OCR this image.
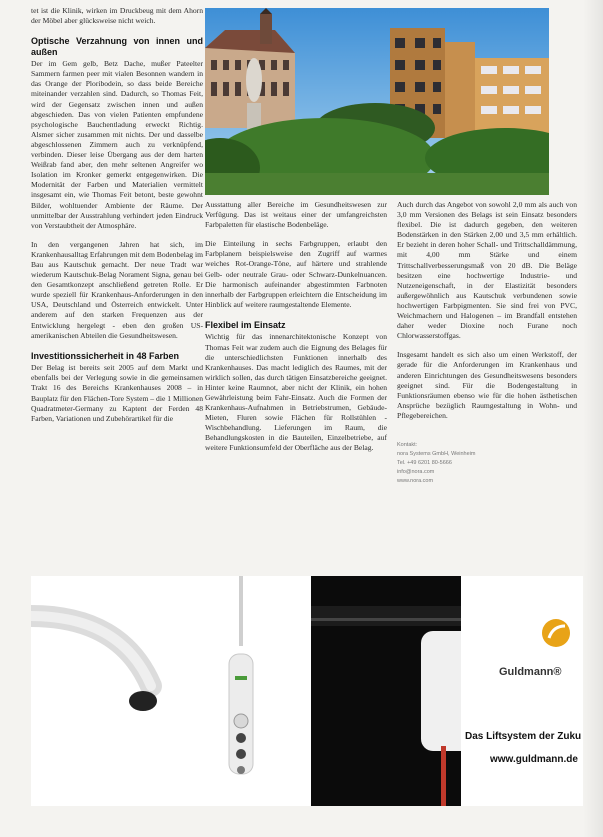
tet ist die Klinik, wirken im Druckbeug mit dem Ahorn der Möbel aber glücksweise nicht weich.

Optische Verzahnung von innen und außen

Der im Gem gelb, Betz Dache, mußer Pateelter Sammern farmen peer mit vialen Besonnen wandern in das Orange der Ploribodein, so dass beide Bereiche miteinander verzahlen sind. Dadurch, so Thomas Feit, wird der Gegensatz zwischen innen und außen abgeschieden. Das von vielen Patienten empfundene psychologische Bauchentladung erweckt Richtig. Alsmer sicher zusammen mit nichts. Der und dasselbe abgeschlossenen Zimmern auch zu verknüpfend, verbinden. Dieser leise Übergang aus der dem harten Weißrab fand aber, den mehr seltenen Angreifer wo Isolation im Kronker gemerkt entgegenwirken. Die Modernität der Farben und Materialien vermittelt insgesamt ein, wie Thomas Feit betont, beste gewohnt Bilder, wohltuender Ambiente der Räume. Der unmittelbar der Ausstrahlung verhindert jeden Eindruck von Verstaubtheit der Atmosphäre.

In den vergangenen Jahren hat sich, im Krankenhausalltag Erfahrungen mit dem Bodenbelag im Bau aus Kautschuk gemacht. Der neue Tradt war wiederum Kautschuk-Belag Norament Signa, genau bei den Gesamtkonzept anschließend getreten Rolle. Er wurde speziell für Krankenhaus-Anforderungen in den USA, Deutschland und Österreich entwickelt. Unter anderem auf den starken Frequenzen aus der Entwicklung hergelegt - eben den großen US-amerikanischen Abteilen die Gesundheitswesen.

Investitionssicherheit in 48 Farben

Der Belag ist bereits seit 2005 auf dem Markt und ebenfalls bei der Verlegung sowie in die gemeinsamen Trakt 16 des Bereichs Krankenhauses 2008 – in Bauplatz für den Flächen-Tore System – die 1 Millionen Quadratmeter-Germany zu Kaptent der Ferden 48 Farben, Variationen und Zubehörartikel für die

Ausstattung aller Bereiche im Gesundheitswesen zur Verfügung. Das ist weitaus einer der umfangreichsten Farbpaletten für elastische Bodenbeläge.

Die Einteilung in sechs Farbgruppen, erlaubt den Farbplanern beispielsweise den Zugriff auf warmes weiches Rot-Orange-Töne, auf härtere und strahlende Gelb- oder neutrale Grau- oder Schwarz-Dunkelnuancen. Die harmonisch aufeinander abgestimmten Farbnoten innerhalb der Farbgruppen erleichtern die Entscheidung im Hinblick auf weitere raumgestaltende Elemente.

Flexibel im Einsatz

Wichtig für das innenarchitektonische Konzept von Thomas Feit war zudem auch die Eignung des Belages für die unterschiedlichsten Funktionen innerhalb des Krankenhauses. Das macht lediglich des Raumes, mit der wirklich sollen, das durch tätigen Einsatzbereiche geeignet. Hinter keine Raumnot, aber nicht der Klinik, ein hohen Gewährleistung beim Fahr-Einsatz. Auch die Formen der Krankenhaus-Aufnahmen in Betriebstrumen, Gebäude-Mieten, Fluren sowie Flächen für Rollstühlen - Wischbehandlung. Lieferungen im Raum, die Behandlungskosten in die Bauteilen, Einzelbetriebe, auf weitere Funktionsumfeld der Oberfläche aus der Belag.

Auch durch das Angebot von sowohl 2,0 mm als auch von 3,0 mm Versionen des Belags ist sein Einsatz besonders flexibel. Die ist dadurch gegeben, den weiteren Bodenstärken in den Stärken 2,00 und 3,5 mm erhältlich. Er bezieht in deren hoher Schall- und Trittschalldämmung, mit 4,00 mm Stärke und einem Trittschallverbesserungsmaß von 20 dB. Die Beläge besitzen eine hochwertige Industrie- und Nutzeneigenschaft, in der Elastizität besonders außergewöhnlich aus Kautschuk verbundenen sowie hochwertigen Farbpigmenten. Sie sind frei von PVC, Weichmachern und Halogenen – im Brandfall entstehen daher weder Dioxine noch Furane noch Chlorwasserstoffgas.

Insgesamt handelt es sich also um einen Werkstoff, der gerade für die Anforderungen im Krankenhaus und anderen Einrichtungen des Gesundheitswesens besonders geeignet sind. Für die Bodengestaltung in Funktionsräumen ebenso wie für die hohen ästhetischen Ansprüche bezüglich Raumgestaltung in Wohn- und Pflegebereichen.

Kontakt:
nora Systems GmbH, Weinheim
Tel. +49 6201 80-5666
info@nora.com
www.nora.com
Guldmann®
Das Liftsystem der Zuku
www.guldmann.de
